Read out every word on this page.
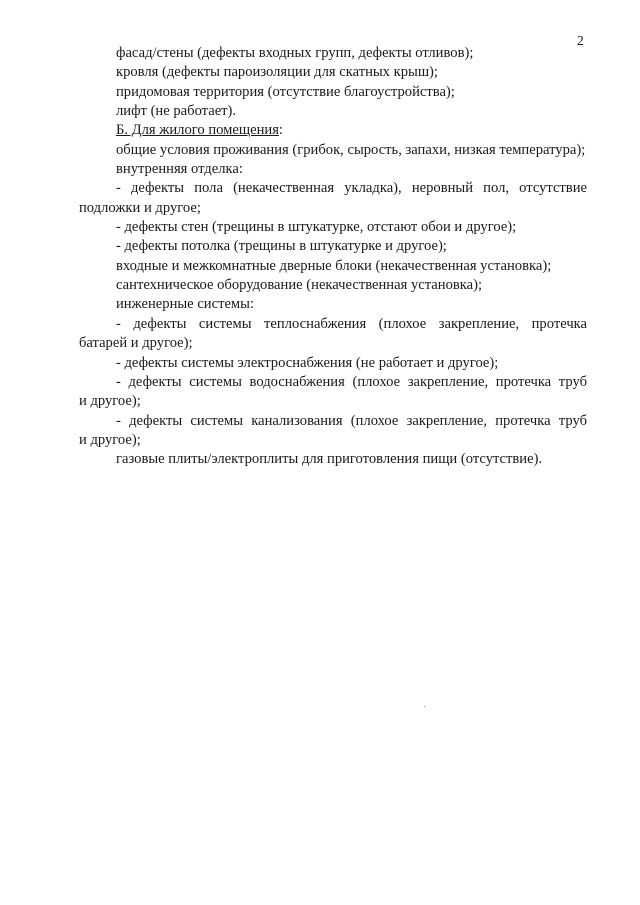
2
фасад/стены (дефекты входных групп, дефекты отливов);
кровля (дефекты пароизоляции для скатных крыш);
придомовая территория (отсутствие благоустройства);
лифт (не работает).
Б. Для жилого помещения:
общие условия проживания (грибок, сырость, запахи, низкая температура);
внутренняя отделка:
- дефекты пола (некачественная укладка), неровный пол, отсутствие
подложки и другое;
- дефекты стен (трещины в штукатурке, отстают обои и другое);
- дефекты потолка (трещины в штукатурке и другое);
входные и межкомнатные дверные блоки (некачественная установка);
сантехническое оборудование (некачественная установка);
инженерные системы:
- дефекты системы теплоснабжения (плохое закрепление, протечка
батарей и другое);
- дефекты системы электроснабжения (не работает и другое);
- дефекты системы водоснабжения (плохое закрепление, протечка труб
и другое);
- дефекты системы канализования (плохое закрепление, протечка труб
и другое);
газовые плиты/электроплиты для приготовления пищи (отсутствие).
